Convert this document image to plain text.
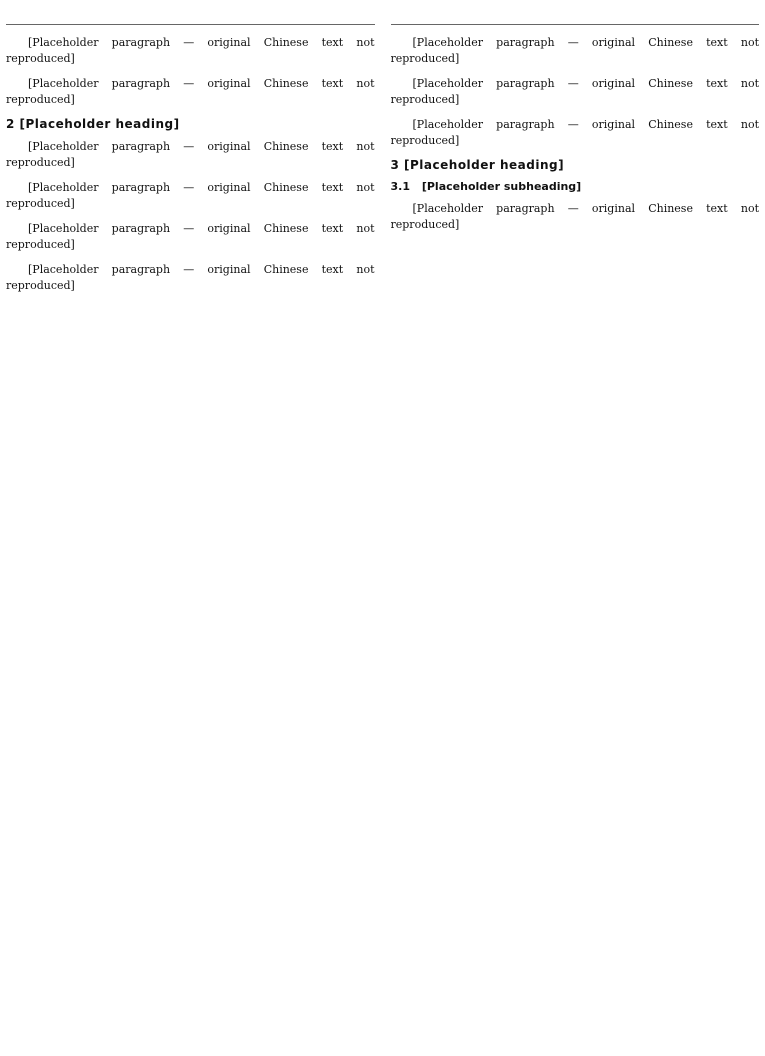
[Placeholder paragraph — original Chinese text not reproduced]

[Placeholder paragraph — original Chinese text not reproduced]

2 [Placeholder heading]

[Placeholder paragraph — original Chinese text not reproduced]

[Placeholder paragraph — original Chinese text not reproduced]

[Placeholder paragraph — original Chinese text not reproduced]

[Placeholder paragraph — original Chinese text not reproduced]

[Placeholder paragraph — original Chinese text not reproduced]

[Placeholder paragraph — original Chinese text not reproduced]

[Placeholder paragraph — original Chinese text not reproduced]

3 [Placeholder heading]
3.1 [Placeholder subheading]

[Placeholder paragraph — original Chinese text not reproduced]
